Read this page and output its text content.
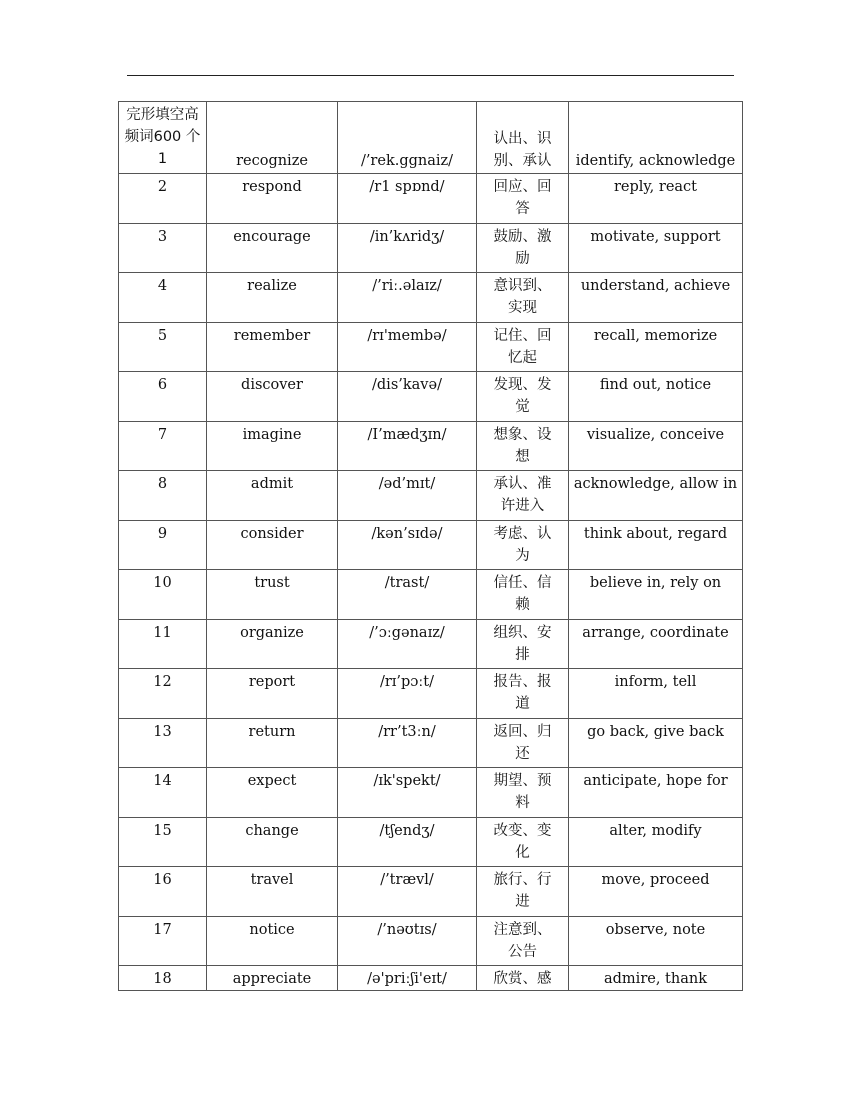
完形填空高频词600 个 1	recognize	/’rek.ggnaiz/	认出、识别、承认	identify, acknowledge
2	respond	/r1 spɒnd/	回应、回答	reply, react
3	encourage	/in’kʌridʒ/	鼓励、激励	motivate, support
4	realize	/’riː.əlaɪz/	意识到、实现	understand, achieve
5	remember	/rɪ'membə/	记住、回忆起	recall, memorize
6	discover	/dis’kavə/	发现、发觉	find out, notice
7	imagine	/I’mædʒɪn/	想象、设想	visualize, conceive
8	admit	/əd’mɪt/	承认、准许进入	acknowledge, allow in
9	consider	/kən’sɪdə/	考虑、认为	think about, regard
10	trust	/trast/	信任、信赖	believe in, rely on
11	organize	/’ɔːgənaɪz/	组织、安排	arrange, coordinate
12	report	/rɪ’pɔːt/	报告、报道	inform, tell
13	return	/rr’t3ːn/	返回、归还	go back, give back
14	expect	/ɪk'spekt/	期望、预料	anticipate, hope for
15	change	/tʃendʒ/	改变、变化	alter, modify
16	travel	/’trævl/	旅行、行进	move, proceed
17	notice	/’nəʊtɪs/	注意到、公告	observe, note
18	appreciate	/ə'priːʃi'eɪt/	欣赏、感	admire, thank
